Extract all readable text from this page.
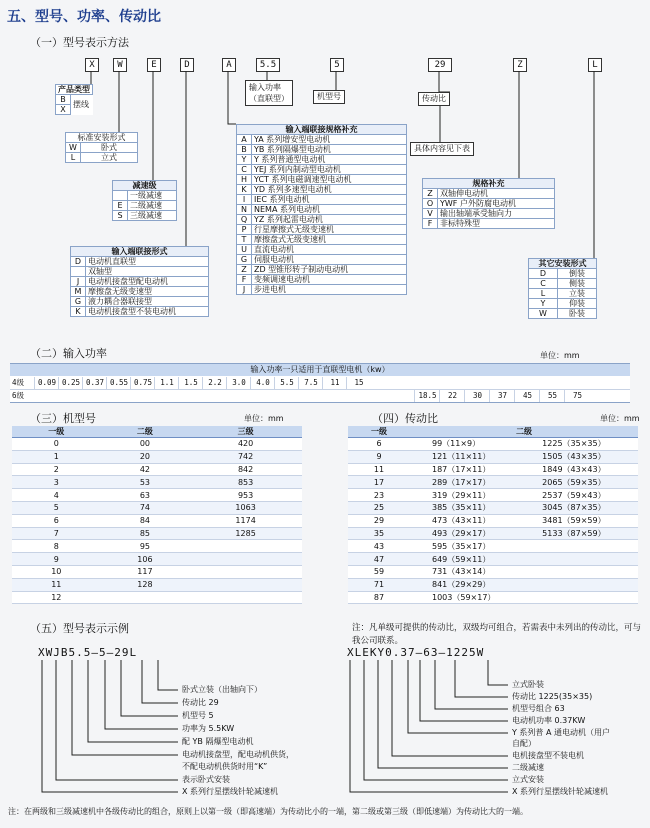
五、型号、功率、传动比
（一）型号表示方法
X	W	E	D	A	5.5	5	29	Z	L
产品类型
B	摆线
X
标准安装形式	
W	卧式
L	立式
减速级	
	一级减速
E	二级减速
S	三级减速
输入端联接形式	
D	电动机直联型
	双轴型
J	电动机接盘型配电动机
M	摩擦盘无级变速型
G	液力耦合器联接型
K	电动机接盘型不装电动机
输入功率
（直联型）	机型号	传动比
具体内容见下表
输入端联接规格补充	
A	YA 系列增安型电动机
B	YB 系列隔爆型电动机
Y	Y 系列普通型电动机
C	YEJ 系列内制动型电动机
H	YCT 系列电磁调速型电动机
K	YD 系列多速型电动机
I	IEC 系列电动机
N	NEMA 系列电动机
Q	YZ 系列起雷电动机
P	行星摩擦式无级变速机
T	摩擦盘式无级变速机
U	直流电动机
G	伺服电动机
Z	ZD 型锥形转子制动电动机
F	变频调速电动机
J	步进电机
规格补充	
Z	双轴伸电动机
O	YWF 户外防腐电动机
V	输出轴端承受轴向力
F	非标特殊型
其它安装形式	
D	倒装
C	侧装
L	立装
Y	仰装
W	卧装
（二）输入功率	单位：mm
输入功率一只适用于直联型电机（kw）
4级	0.09 0.25 0.37 0.55 0.75	1.1	1.5	2.2	3.0	4.0	5.5	7.5	11	15
6级	18.5	22	30	37	45	55	75
（三）机型号	单位：mm
一级	二级	三级
0	00	420
1	20	742
2	42	842
3	53	853
4	63	953
5	74	1063
6	84	1174
7	85	1285
8	95	
9	106	
10	117	
11	128	
12		
（四）传动比	单位：mm
一级	二级	
6	99（11×9）	1225（35×35）
9	121（11×11）	1505（43×35）
11	187（17×11）	1849（43×43）
17	289（17×17）	2065（59×35）
23	319（29×11）	2537（59×43）
25	385（35×11）	3045（87×35）
29	473（43×11）	3481（59×59）
35	493（29×17）	5133（87×59）
43	595（35×17）	
47	649（59×11）	
59	731（43×14）	
71	841（29×29）	
87	1003（59×17）	
（五）型号表示示例	注：凡单级可提供的传动比，双级均可组合，若需表中未列出的传动比，可与我公司联系。
XWJB5.5—5—29L	XLEKY0.37—63—1225W
卧式立装（出轴向下）
传动比 29
机型号 5
功率为 5.5KW
配 YB 隔爆型电动机
电动机接盘型，配电动机供货，
不配电动机供货时用“K”
表示卧式安装
X 系列行星摆线针轮减速机
立式卧装
传动比 1225(35×35)
机型号组合 63
电动机功率 0.37KW
Y 系列普 A 通电动机（用户
自配）
电机接盘型不装电机
二级减速
立式安装
X 系列行星摆线针轮减速机
注：在两级和三级减速机中各级传动比的组合，原则上以第一级（即高速端）为传动比小的一端，第二级或第三级（即低速端）为传动比大的一端。
